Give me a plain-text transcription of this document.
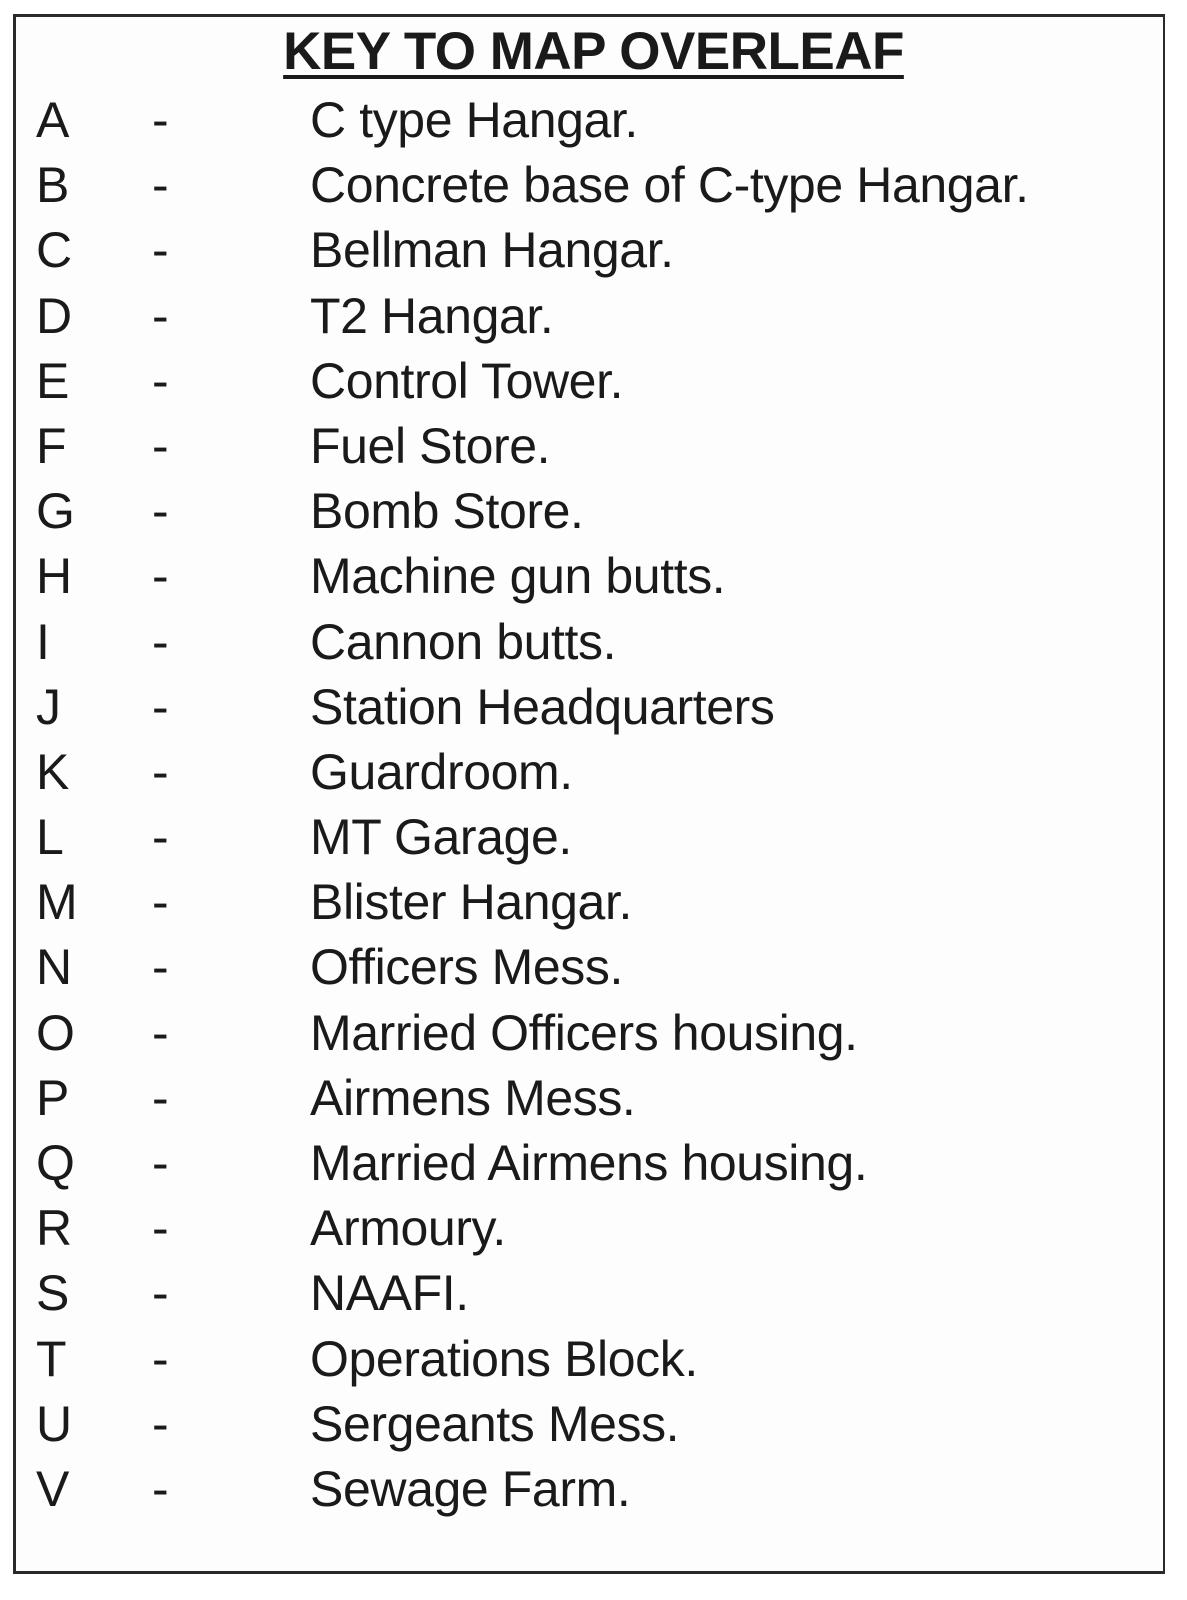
KEY TO MAP OVERLEAF
A -	C type Hangar.
B -	Concrete base of C-type Hangar.
C -	Bellman Hangar.
D -	T2 Hangar.
E -	Control Tower.
F -	Fuel Store.
G -	Bomb Store.
H -	Machine gun butts.
I -	Cannon butts.
J -	Station Headquarters
K -	Guardroom.
L -	MT Garage.
M -	Blister Hangar.
N -	Officers Mess.
O -	Married Officers housing.
P -	Airmens Mess.
Q -	Married Airmens housing.
R -	Armoury.
S -	NAAFI.
T -	Operations Block.
U -	Sergeants Mess.
V -	Sewage Farm.
